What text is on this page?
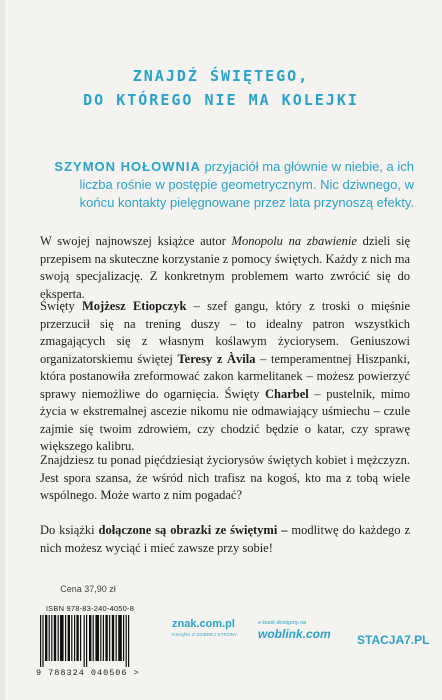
ZNAJDŹ ŚWIĘTEGO,
DO KTÓREGO NIE MA KOLEJKI
SZYMON HOŁOWNIA przyjaciół ma głównie w niebie, a ich liczba rośnie w postępie geometrycznym. Nic dziwnego, w końcu kontakty pielęgnowane przez lata przynoszą efekty.
W swojej najnowszej książce autor Monopolu na zbawienie dzieli się przepisem na skuteczne korzystanie z pomocy świętych. Każdy z nich ma swoją specjalizację. Z konkretnym problemem warto zwrócić się do eksperta.
Święty Mojżesz Etiopczyk – szef gangu, który z troski o mięśnie przerzucił się na trening duszy – to idealny patron wszystkich zmagających się z własnym koślawym życiorysem. Geniuszowi organizatorskiemu świętej Teresy z Àvila – temperamentnej Hiszpanki, która postanowiła zreformować zakon karmelitanek – możesz powierzyć sprawy niemożliwe do ogarnięcia. Święty Charbel – pustelnik, mimo życia w ekstremalnej ascezie nikomu nie odmawiający uśmiechu – czule zajmie się twoim zdrowiem, czy chodzić będzie o katar, czy sprawę większego kalibru.
Znajdziesz tu ponad pięćdziesiąt życiorysów świętych kobiet i mężczyzn. Jest spora szansa, że wśród nich trafisz na kogoś, kto ma z tobą wiele wspólnego. Może warto z nim pogadać?
Do książki dołączone są obrazki ze świętymi – modlitwę do każdego z nich możesz wyciąć i mieć zawsze przy sobie!
Cena 37,90 zł
ISBN 978-83-240-4050-8
9 788324 040506 >
znak.com.pl
KSIĄŻKI Z DOBREJ STRONY
e-book dostępny na
woblink.com	STACJA7.PL
